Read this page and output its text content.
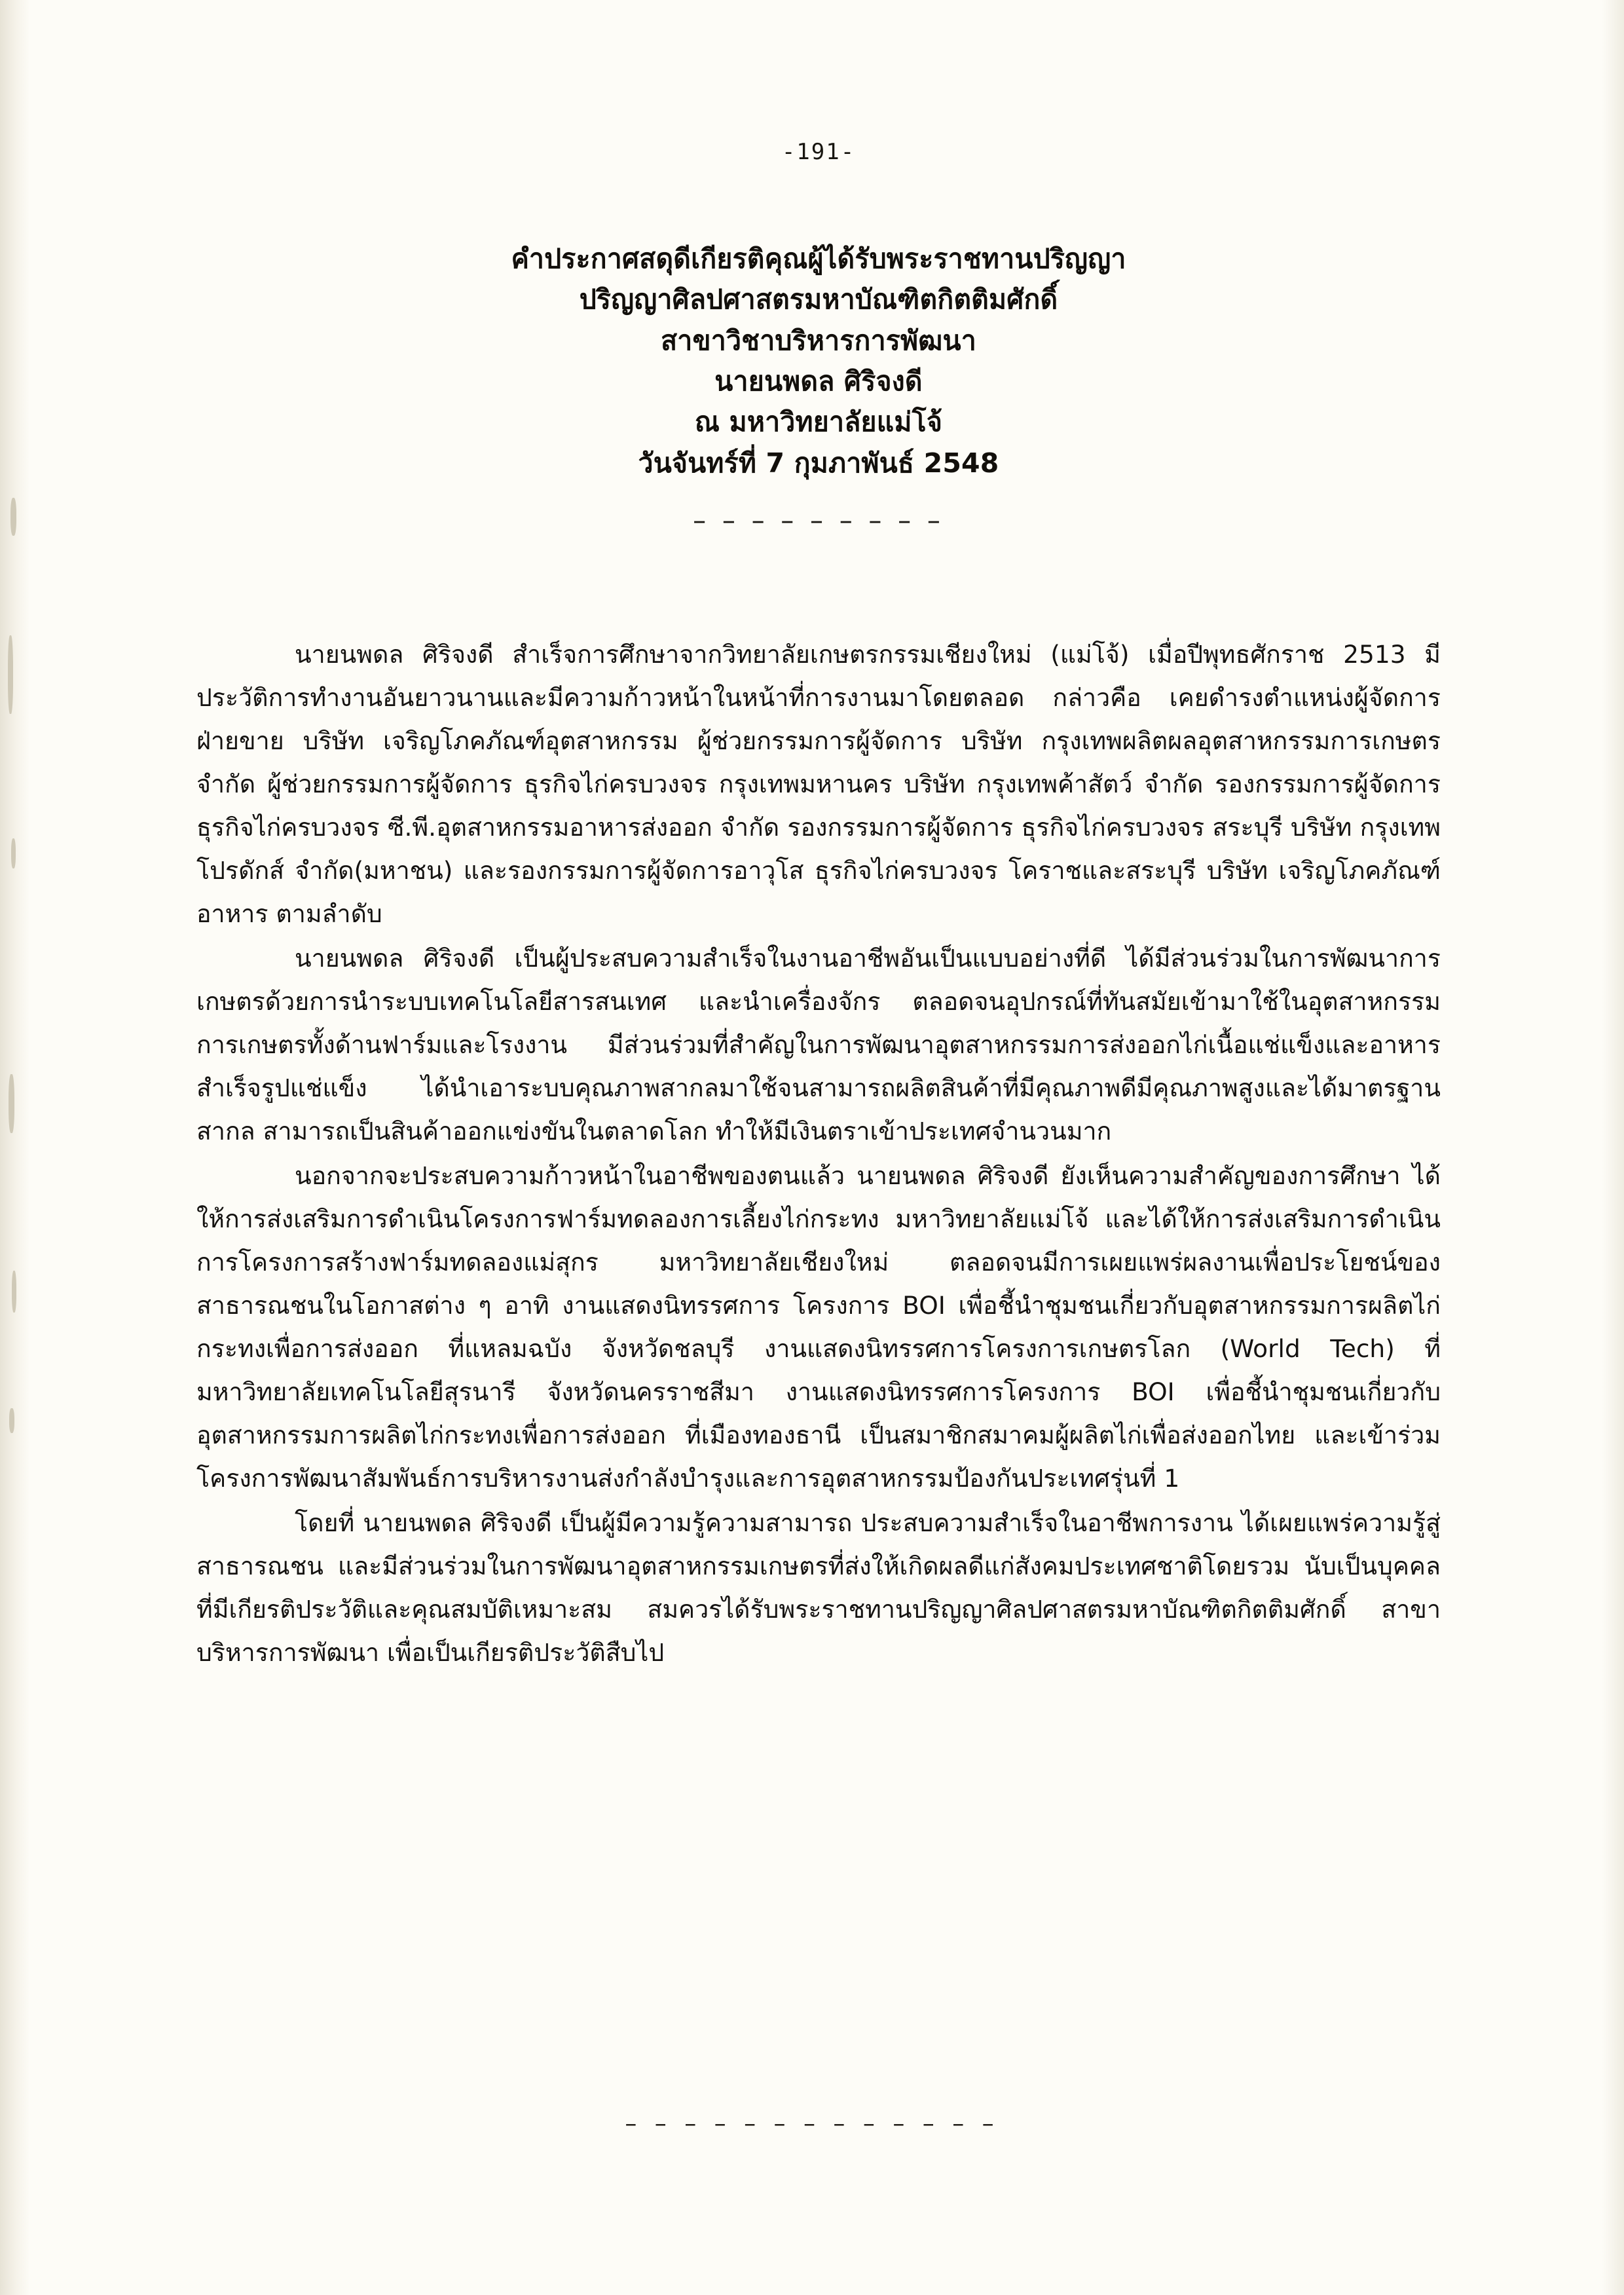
-191-
คำประกาศสดุดีเกียรติคุณผู้ได้รับพระราชทานปริญญา
ปริญญาศิลปศาสตรมหาบัณฑิตกิตติมศักดิ์
สาขาวิชาบริหารการพัฒนา
นายนพดล ศิริจงดี
ณ มหาวิทยาลัยแม่โจ้
วันจันทร์ที่ 7 กุมภาพันธ์ 2548
– – – – – – – – –

นายนพดล ศิริจงดี สำเร็จการศึกษาจากวิทยาลัยเกษตรกรรมเชียงใหม่ (แม่โจ้) เมื่อปีพุทธศักราช 2513 มีประวัติการทำงานอันยาวนานและมีความก้าวหน้าในหน้าที่การงานมาโดยตลอด กล่าวคือ เคยดำรงตำแหน่งผู้จัดการฝ่ายขาย บริษัท เจริญโภคภัณฑ์อุตสาหกรรม ผู้ช่วยกรรมการผู้จัดการ บริษัท กรุงเทพผลิตผลอุตสาหกรรมการเกษตร จำกัด ผู้ช่วยกรรมการผู้จัดการ ธุรกิจไก่ครบวงจร กรุงเทพมหานคร บริษัท กรุงเทพค้าสัตว์ จำกัด รองกรรมการผู้จัดการ ธุรกิจไก่ครบวงจร ซี.พี.อุตสาหกรรมอาหารส่งออก จำกัด รองกรรมการผู้จัดการ ธุรกิจไก่ครบวงจร สระบุรี บริษัท กรุงเทพโปรดักส์ จำกัด(มหาชน) และรองกรรมการผู้จัดการอาวุโส ธุรกิจไก่ครบวงจร โคราชและสระบุรี บริษัท เจริญโภคภัณฑ์อาหาร ตามลำดับ

นายนพดล ศิริจงดี เป็นผู้ประสบความสำเร็จในงานอาชีพอันเป็นแบบอย่างที่ดี ได้มีส่วนร่วมในการพัฒนาการเกษตรด้วยการนำระบบเทคโนโลยีสารสนเทศ และนำเครื่องจักร ตลอดจนอุปกรณ์ที่ทันสมัยเข้ามาใช้ในอุตสาหกรรมการเกษตรทั้งด้านฟาร์มและโรงงาน มีส่วนร่วมที่สำคัญในการพัฒนาอุตสาหกรรมการส่งออกไก่เนื้อแช่แข็งและอาหารสำเร็จรูปแช่แข็ง ได้นำเอาระบบคุณภาพสากลมาใช้จนสามารถผลิตสินค้าที่มีคุณภาพดีมีคุณภาพสูงและได้มาตรฐานสากล สามารถเป็นสินค้าออกแข่งขันในตลาดโลก ทำให้มีเงินตราเข้าประเทศจำนวนมาก

นอกจากจะประสบความก้าวหน้าในอาชีพของตนแล้ว นายนพดล ศิริจงดี ยังเห็นความสำคัญของการศึกษา ได้ให้การส่งเสริมการดำเนินโครงการฟาร์มทดลองการเลี้ยงไก่กระทง มหาวิทยาลัยแม่โจ้ และได้ให้การส่งเสริมการดำเนินการโครงการสร้างฟาร์มทดลองแม่สุกร มหาวิทยาลัยเชียงใหม่ ตลอดจนมีการเผยแพร่ผลงานเพื่อประโยชน์ของสาธารณชนในโอกาสต่าง ๆ อาทิ งานแสดงนิทรรศการ โครงการ BOI เพื่อชี้นำชุมชนเกี่ยวกับอุตสาหกรรมการผลิตไก่กระทงเพื่อการส่งออก ที่แหลมฉบัง จังหวัดชลบุรี งานแสดงนิทรรศการโครงการเกษตรโลก (World Tech) ที่มหาวิทยาลัยเทคโนโลยีสุรนารี จังหวัดนครราชสีมา งานแสดงนิทรรศการโครงการ BOI เพื่อชี้นำชุมชนเกี่ยวกับอุตสาหกรรมการผลิตไก่กระทงเพื่อการส่งออก ที่เมืองทองธานี เป็นสมาชิกสมาคมผู้ผลิตไก่เพื่อส่งออกไทย และเข้าร่วมโครงการพัฒนาสัมพันธ์การบริหารงานส่งกำลังบำรุงและการอุตสาหกรรมป้องกันประเทศรุ่นที่ 1

โดยที่ นายนพดล ศิริจงดี เป็นผู้มีความรู้ความสามารถ ประสบความสำเร็จในอาชีพการงาน ได้เผยแพร่ความรู้สู่สาธารณชน และมีส่วนร่วมในการพัฒนาอุตสาหกรรมเกษตรที่ส่งให้เกิดผลดีแก่สังคมประเทศชาติโดยรวม นับเป็นบุคคลที่มีเกียรติประวัติและคุณสมบัติเหมาะสม สมควรได้รับพระราชทานปริญญาศิลปศาสตรมหาบัณฑิตกิตติมศักดิ์ สาขาบริหารการพัฒนา เพื่อเป็นเกียรติประวัติสืบไป

– – – – – – – – – – – – –
